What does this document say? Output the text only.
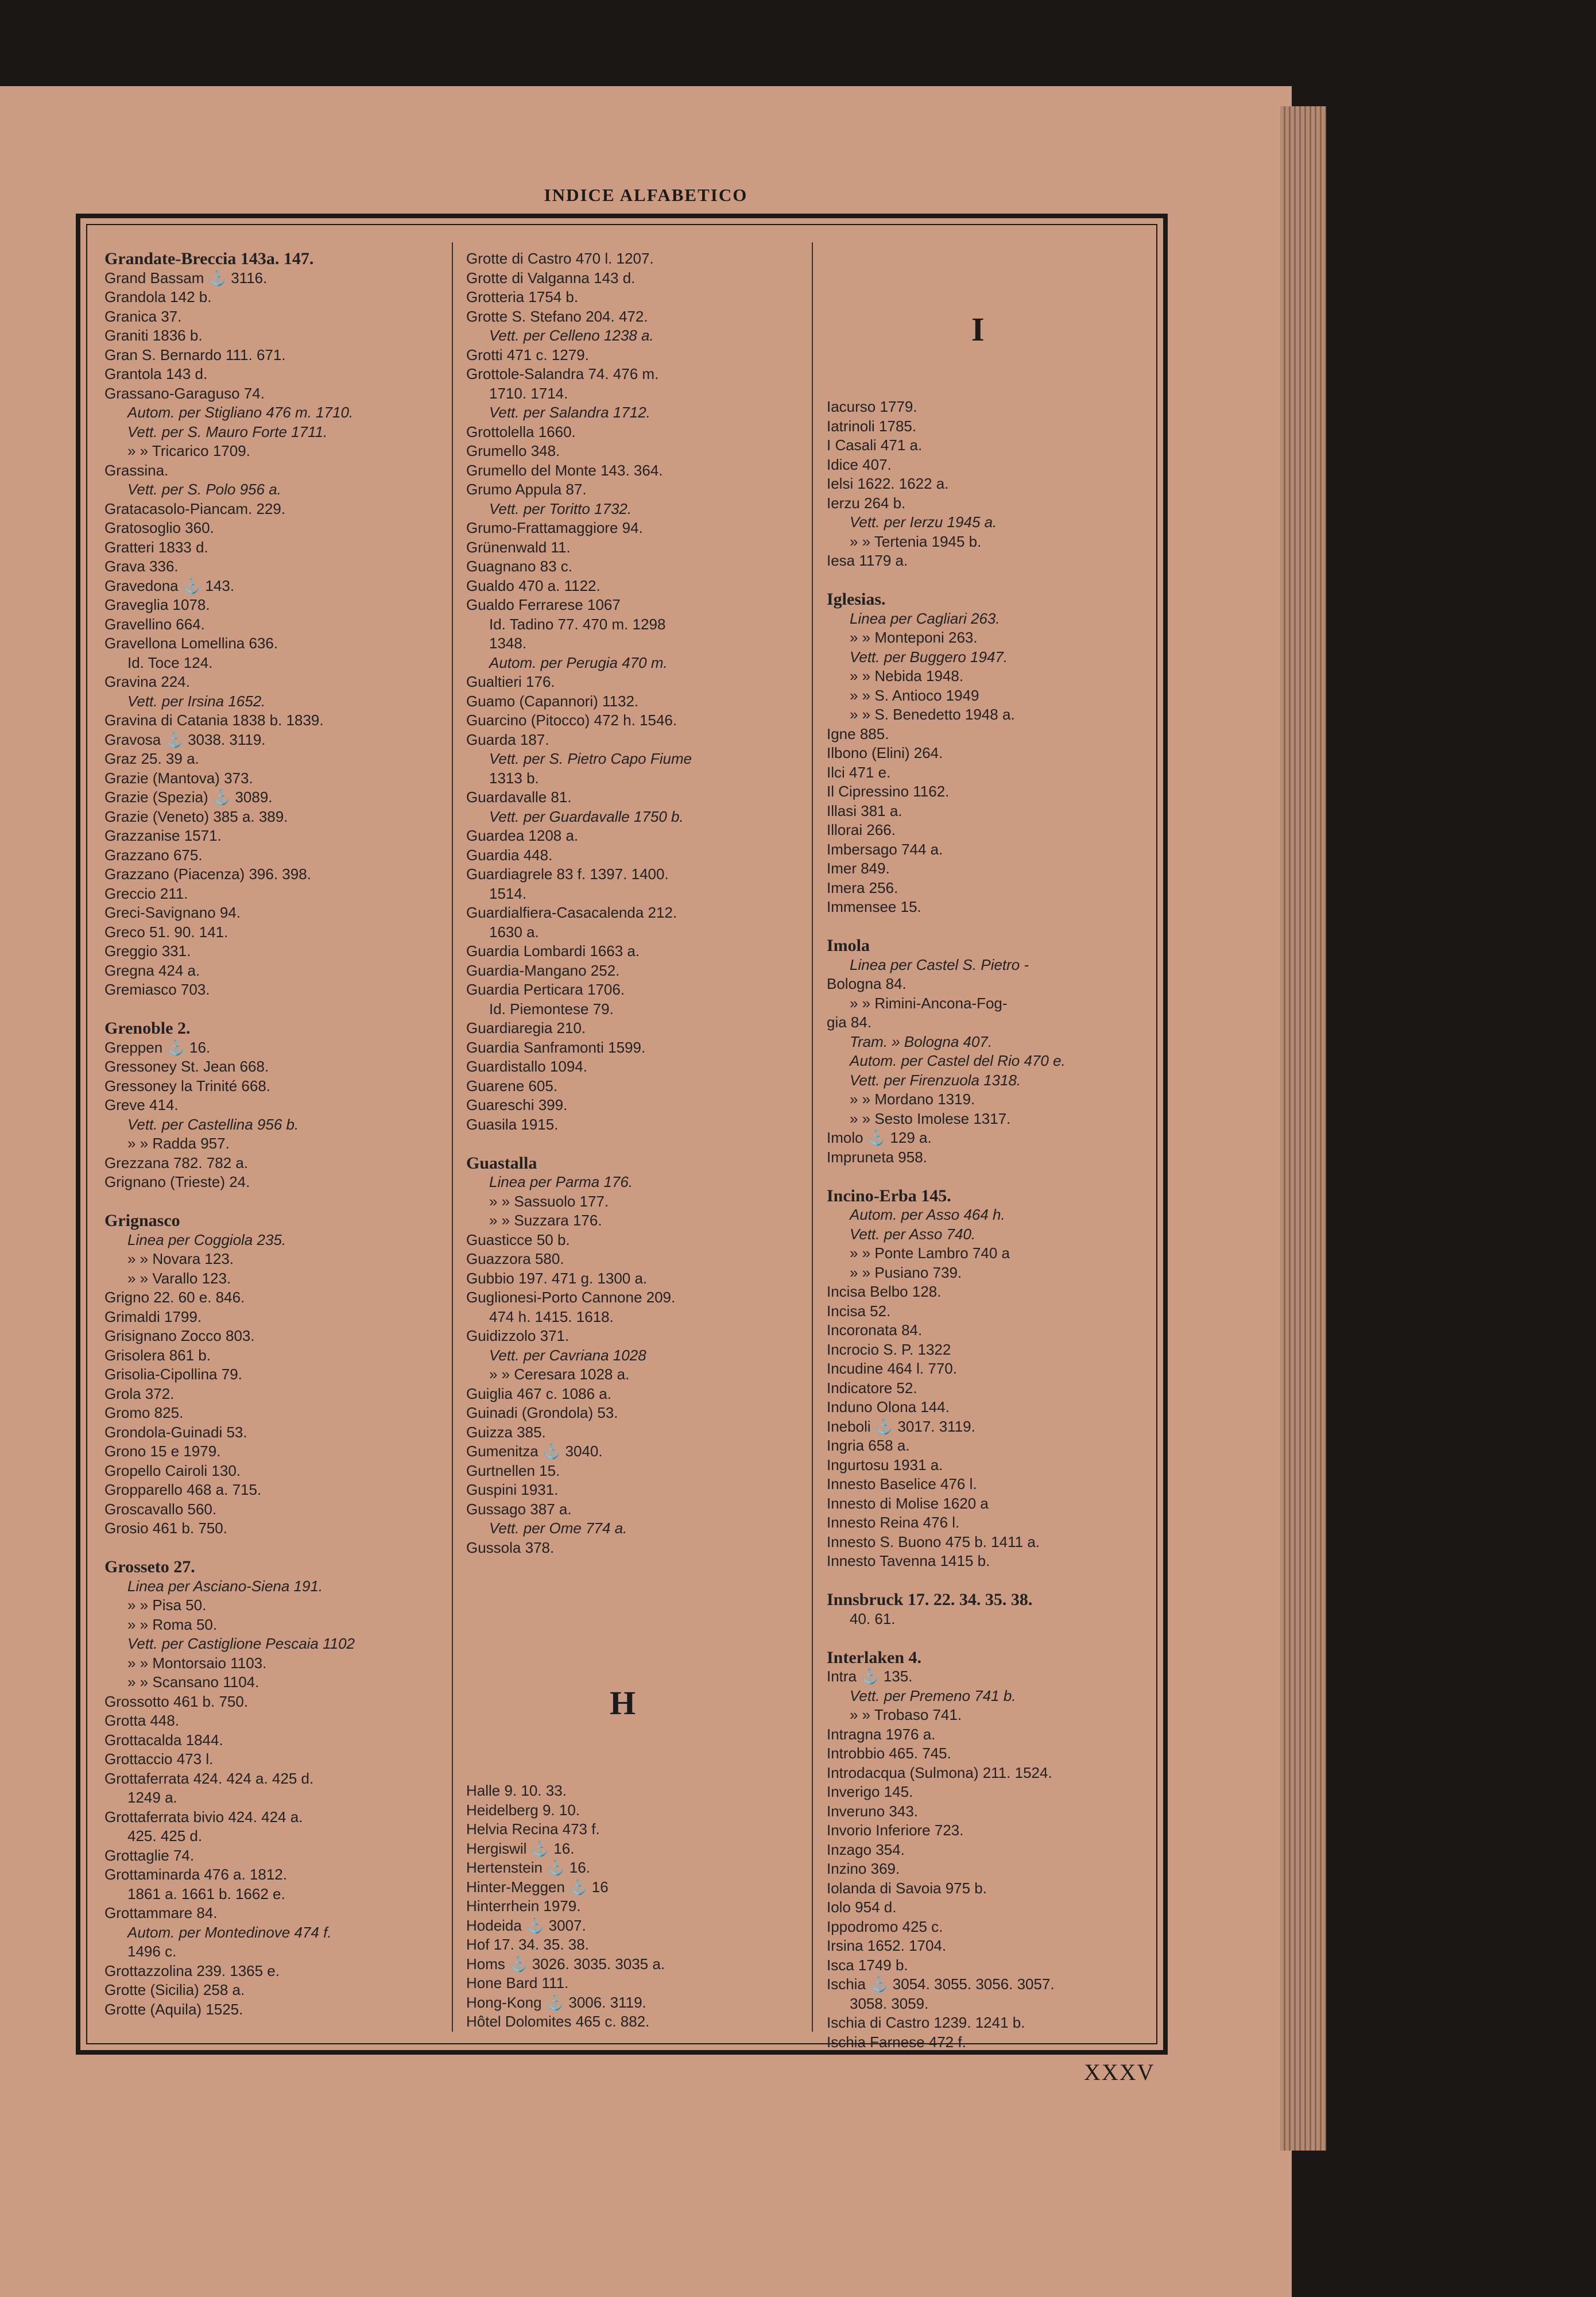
INDICE ALFABETICO
Grandate-Breccia 143a. 147.
Grand Bassam ⚓ 3116.
Grandola 142 b.
Granica 37.
Graniti 1836 b.
Gran S. Bernardo 111. 671.
Grantola 143 d.
Grassano-Garaguso 74.
Autom. per Stigliano 476 m. 1710.
Vett. per S. Mauro Forte 1711.
» » Tricarico 1709.
Grassina.
Vett. per S. Polo 956 a.
Gratacasolo-Piancam. 229.
Gratosoglio 360.
Gratteri 1833 d.
Grava 336.
Gravedona ⚓ 143.
Graveglia 1078.
Gravellino 664.
Gravellona Lomellina 636.
Id. Toce 124.
Gravina 224.
Vett. per Irsina 1652.
Gravina di Catania 1838 b. 1839.
Gravosa ⚓ 3038. 3119.
Graz 25. 39 a.
Grazie (Mantova) 373.
Grazie (Spezia) ⚓ 3089.
Grazie (Veneto) 385 a. 389.
Grazzanise 1571.
Grazzano 675.
Grazzano (Piacenza) 396. 398.
Greccio 211.
Greci-Savignano 94.
Greco 51. 90. 141.
Greggio 331.
Gregna 424 a.
Gremiasco 703.
Grenoble 2.
Greppen ⚓ 16.
Gressoney St. Jean 668.
Gressoney la Trinité 668.
Greve 414.
Vett. per Castellina 956 b.
» » Radda 957.
Grezzana 782. 782 a.
Grignano (Trieste) 24.
Grignasco
Linea per Coggiola 235.
» » Novara 123.
» » Varallo 123.
Grigno 22. 60 e. 846.
Grimaldi 1799.
Grisignano Zocco 803.
Grisolera 861 b.
Grisolia-Cipollina 79.
Grola 372.
Gromo 825.
Grondola-Guinadi 53.
Grono 15 e 1979.
Gropello Cairoli 130.
Gropparello 468 a. 715.
Groscavallo 560.
Grosio 461 b. 750.
Grosseto 27.
Linea per Asciano-Siena 191.
» » Pisa 50.
» » Roma 50.
Vett. per Castiglione Pescaia 1102
» » Montorsaio 1103.
» » Scansano 1104.
Grossotto 461 b. 750.
Grotta 448.
Grottacalda 1844.
Grottaccio 473 l.
Grottaferrata 424. 424 a. 425 d.
1249 a.
Grottaferrata bivio 424. 424 a.
425. 425 d.
Grottaglie 74.
Grottaminarda 476 a. 1812.
1861 a. 1661 b. 1662 e.
Grottammare 84.
Autom. per Montedinove 474 f.
1496 c.
Grottazzolina 239. 1365 e.
Grotte (Sicilia) 258 a.
Grotte (Aquila) 1525.
Grotte di Castro 470 l. 1207.
Grotte di Valganna 143 d.
Grotteria 1754 b.
Grotte S. Stefano 204. 472.
Vett. per Celleno 1238 a.
Grotti 471 c. 1279.
Grottole-Salandra 74. 476 m.
1710. 1714.
Vett. per Salandra 1712.
Grottolella 1660.
Grumello 348.
Grumello del Monte 143. 364.
Grumo Appula 87.
Vett. per Toritto 1732.
Grumo-Frattamaggiore 94.
Grünenwald 11.
Guagnano 83 c.
Gualdo 470 a. 1122.
Gualdo Ferrarese 1067
Id. Tadino 77. 470 m. 1298
1348.
Autom. per Perugia 470 m.
Gualtieri 176.
Guamo (Capannori) 1132.
Guarcino (Pitocco) 472 h. 1546.
Guarda 187.
Vett. per S. Pietro Capo Fiume
1313 b.
Guardavalle 81.
Vett. per Guardavalle 1750 b.
Guardea 1208 a.
Guardia 448.
Guardiagrele 83 f. 1397. 1400.
1514.
Guardialfiera-Casacalenda 212.
1630 a.
Guardia Lombardi 1663 a.
Guardia-Mangano 252.
Guardia Perticara 1706.
Id. Piemontese 79.
Guardiaregia 210.
Guardia Sanframonti 1599.
Guardistallo 1094.
Guarene 605.
Guareschi 399.
Guasila 1915.
Guastalla
Linea per Parma 176.
» » Sassuolo 177.
» » Suzzara 176.
Guasticce 50 b.
Guazzora 580.
Gubbio 197. 471 g. 1300 a.
Guglionesi-Porto Cannone 209.
474 h. 1415. 1618.
Guidizzolo 371.
Vett. per Cavriana 1028
» » Ceresara 1028 a.
Guiglia 467 c. 1086 a.
Guinadi (Grondola) 53.
Guizza 385.
Gumenitza ⚓ 3040.
Gurtnellen 15.
Guspini 1931.
Gussago 387 a.
Vett. per Ome 774 a.
Gussola 378.
Halle 9. 10. 33.
Heidelberg 9. 10.
Helvia Recina 473 f.
Hergiswil ⚓ 16.
Hertenstein ⚓ 16.
Hinter-Meggen ⚓ 16
Hinterrhein 1979.
Hodeida ⚓ 3007.
Hof 17. 34. 35. 38.
Homs ⚓ 3026. 3035. 3035 a.
Hone Bard 111.
Hong-Kong ⚓ 3006. 3119.
Hôtel Dolomites 465 c. 882.
Iacurso 1779.
Iatrinoli 1785.
I Casali 471 a.
Idice 407.
Ielsi 1622. 1622 a.
Ierzu 264 b.
Vett. per Ierzu 1945 a.
» » Tertenia 1945 b.
Iesa 1179 a.
Iglesias.
Linea per Cagliari 263.
» » Monteponi 263.
Vett. per Buggero 1947.
» » Nebida 1948.
» » S. Antioco 1949
» » S. Benedetto 1948 a.
Igne 885.
Ilbono (Elini) 264.
Ilci 471 e.
Il Cipressino 1162.
Illasi 381 a.
Illorai 266.
Imbersago 744 a.
Imer 849.
Imera 256.
Immensee 15.
Imola
Linea per Castel S. Pietro -
Bologna 84.
» » Rimini-Ancona-Fog-
gia 84.
Tram. » Bologna 407.
Autom. per Castel del Rio 470 e.
Vett. per Firenzuola 1318.
» » Mordano 1319.
» » Sesto Imolese 1317.
Imolo ⚓ 129 a.
Impruneta 958.
Incino-Erba 145.
Autom. per Asso 464 h.
Vett. per Asso 740.
» » Ponte Lambro 740 a
» » Pusiano 739.
Incisa Belbo 128.
Incisa 52.
Incoronata 84.
Incrocio S. P. 1322
Incudine 464 l. 770.
Indicatore 52.
Induno Olona 144.
Ineboli ⚓ 3017. 3119.
Ingria 658 a.
Ingurtosu 1931 a.
Innesto Baselice 476 l.
Innesto di Molise 1620 a
Innesto Reina 476 l.
Innesto S. Buono 475 b. 1411 a.
Innesto Tavenna 1415 b.
Innsbruck 17. 22. 34. 35. 38.
40. 61.
Interlaken 4.
Intra ⚓ 135.
Vett. per Premeno 741 b.
» » Trobaso 741.
Intragna 1976 a.
Introbbio 465. 745.
Introdacqua (Sulmona) 211. 1524.
Inverigo 145.
Inveruno 343.
Invorio Inferiore 723.
Inzago 354.
Inzino 369.
Iolanda di Savoia 975 b.
Iolo 954 d.
Ippodromo 425 c.
Irsina 1652. 1704.
Isca 1749 b.
Ischia ⚓ 3054. 3055. 3056. 3057.
3058. 3059.
Ischia di Castro 1239. 1241 b.
Ischia Farnese 472 f.
H
I
XXXV
